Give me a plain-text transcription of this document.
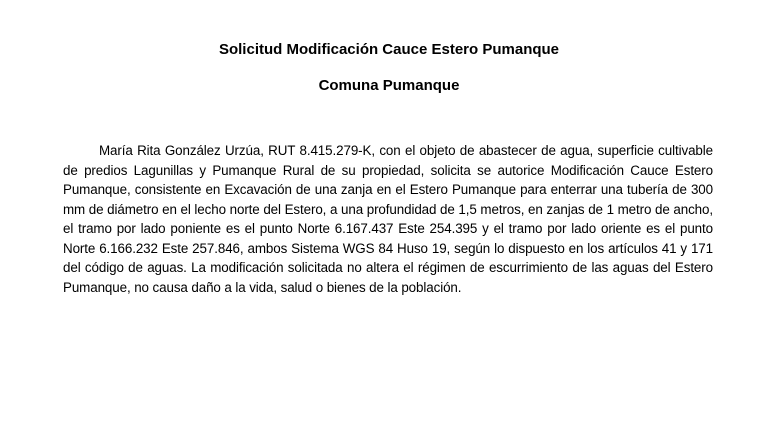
Solicitud Modificación Cauce Estero Pumanque
Comuna Pumanque

María Rita González Urzúa, RUT 8.415.279-K, con el objeto de abastecer de agua, superficie cultivable de predios Lagunillas y Pumanque Rural de su propiedad, solicita se autorice Modificación Cauce Estero Pumanque, consistente en Excavación de una zanja en el Estero Pumanque para enterrar una tubería de 300 mm de diámetro en el lecho norte del Estero, a una profundidad de 1,5 metros, en zanjas de 1 metro de ancho, el tramo por lado poniente es el punto Norte 6.167.437 Este 254.395 y el tramo por lado oriente es el punto Norte 6.166.232 Este 257.846, ambos Sistema WGS 84 Huso 19, según lo dispuesto en los artículos 41 y 171 del código de aguas. La modificación solicitada no altera el régimen de escurrimiento de las aguas del Estero Pumanque, no causa daño a la vida, salud o bienes de la población.
